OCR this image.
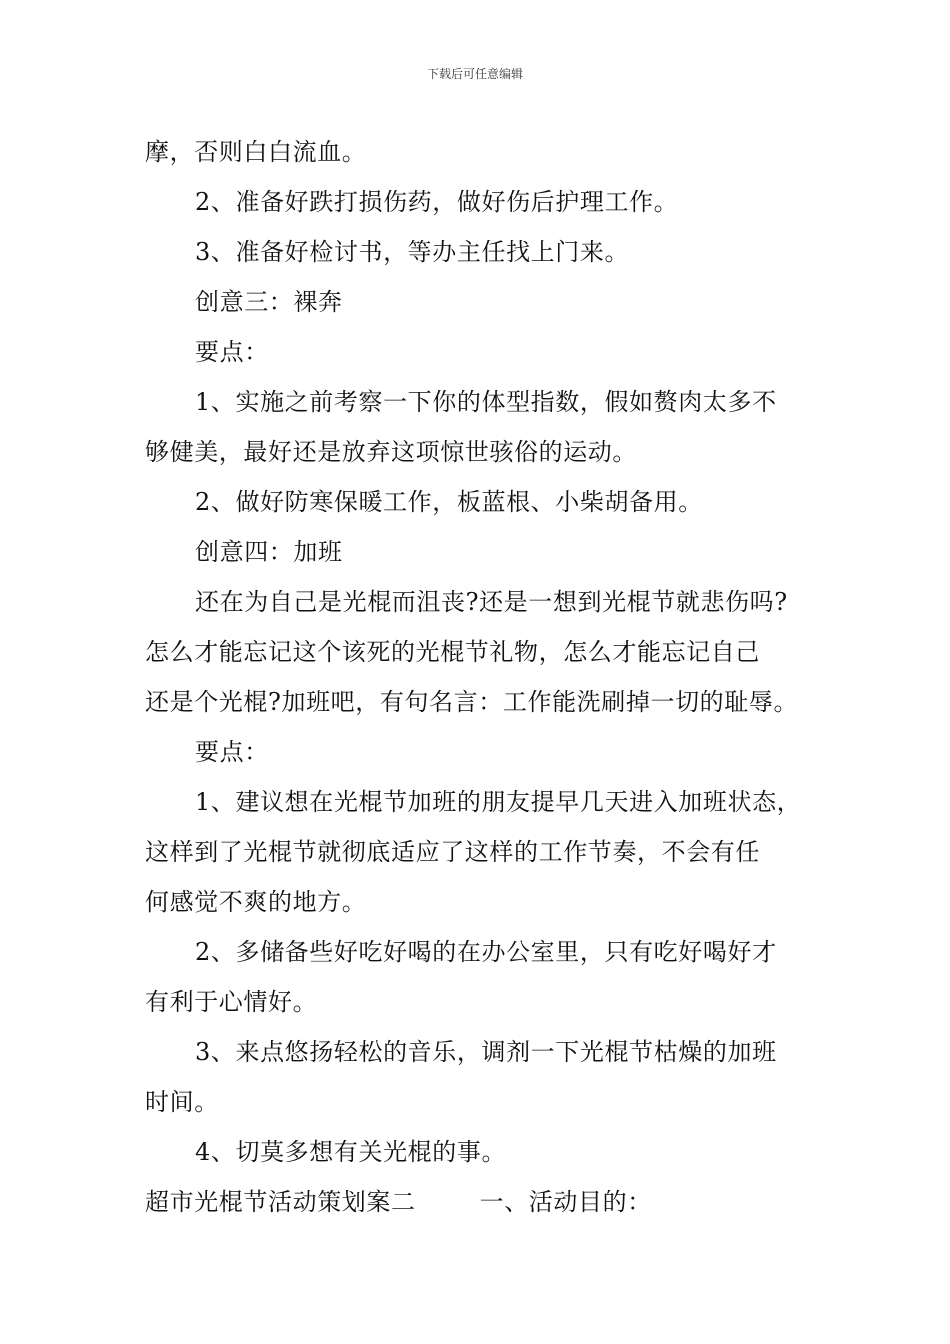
下载后可任意编辑

摩，否则白白流血。

2、准备好跌打损伤药，做好伤后护理工作。

3、准备好检讨书，等办主任找上门来。

创意三：裸奔

要点：

1、实施之前考察一下你的体型指数，假如赘肉太多不

够健美，最好还是放弃这项惊世骇俗的运动。

2、做好防寒保暖工作，板蓝根、小柴胡备用。

创意四：加班

还在为自己是光棍而沮丧?还是一想到光棍节就悲伤吗?

怎么才能忘记这个该死的光棍节礼物，怎么才能忘记自己

还是个光棍?加班吧，有句名言：工作能洗刷掉一切的耻辱。

要点：

1、建议想在光棍节加班的朋友提早几天进入加班状态，

这样到了光棍节就彻底适应了这样的工作节奏，不会有任

何感觉不爽的地方。

2、多储备些好吃好喝的在办公室里，只有吃好喝好才

有利于心情好。

3、来点悠扬轻松的音乐，调剂一下光棍节枯燥的加班

时间。

4、切莫多想有关光棍的事。

超市光棍节活动策划案二	一、活动目的：
